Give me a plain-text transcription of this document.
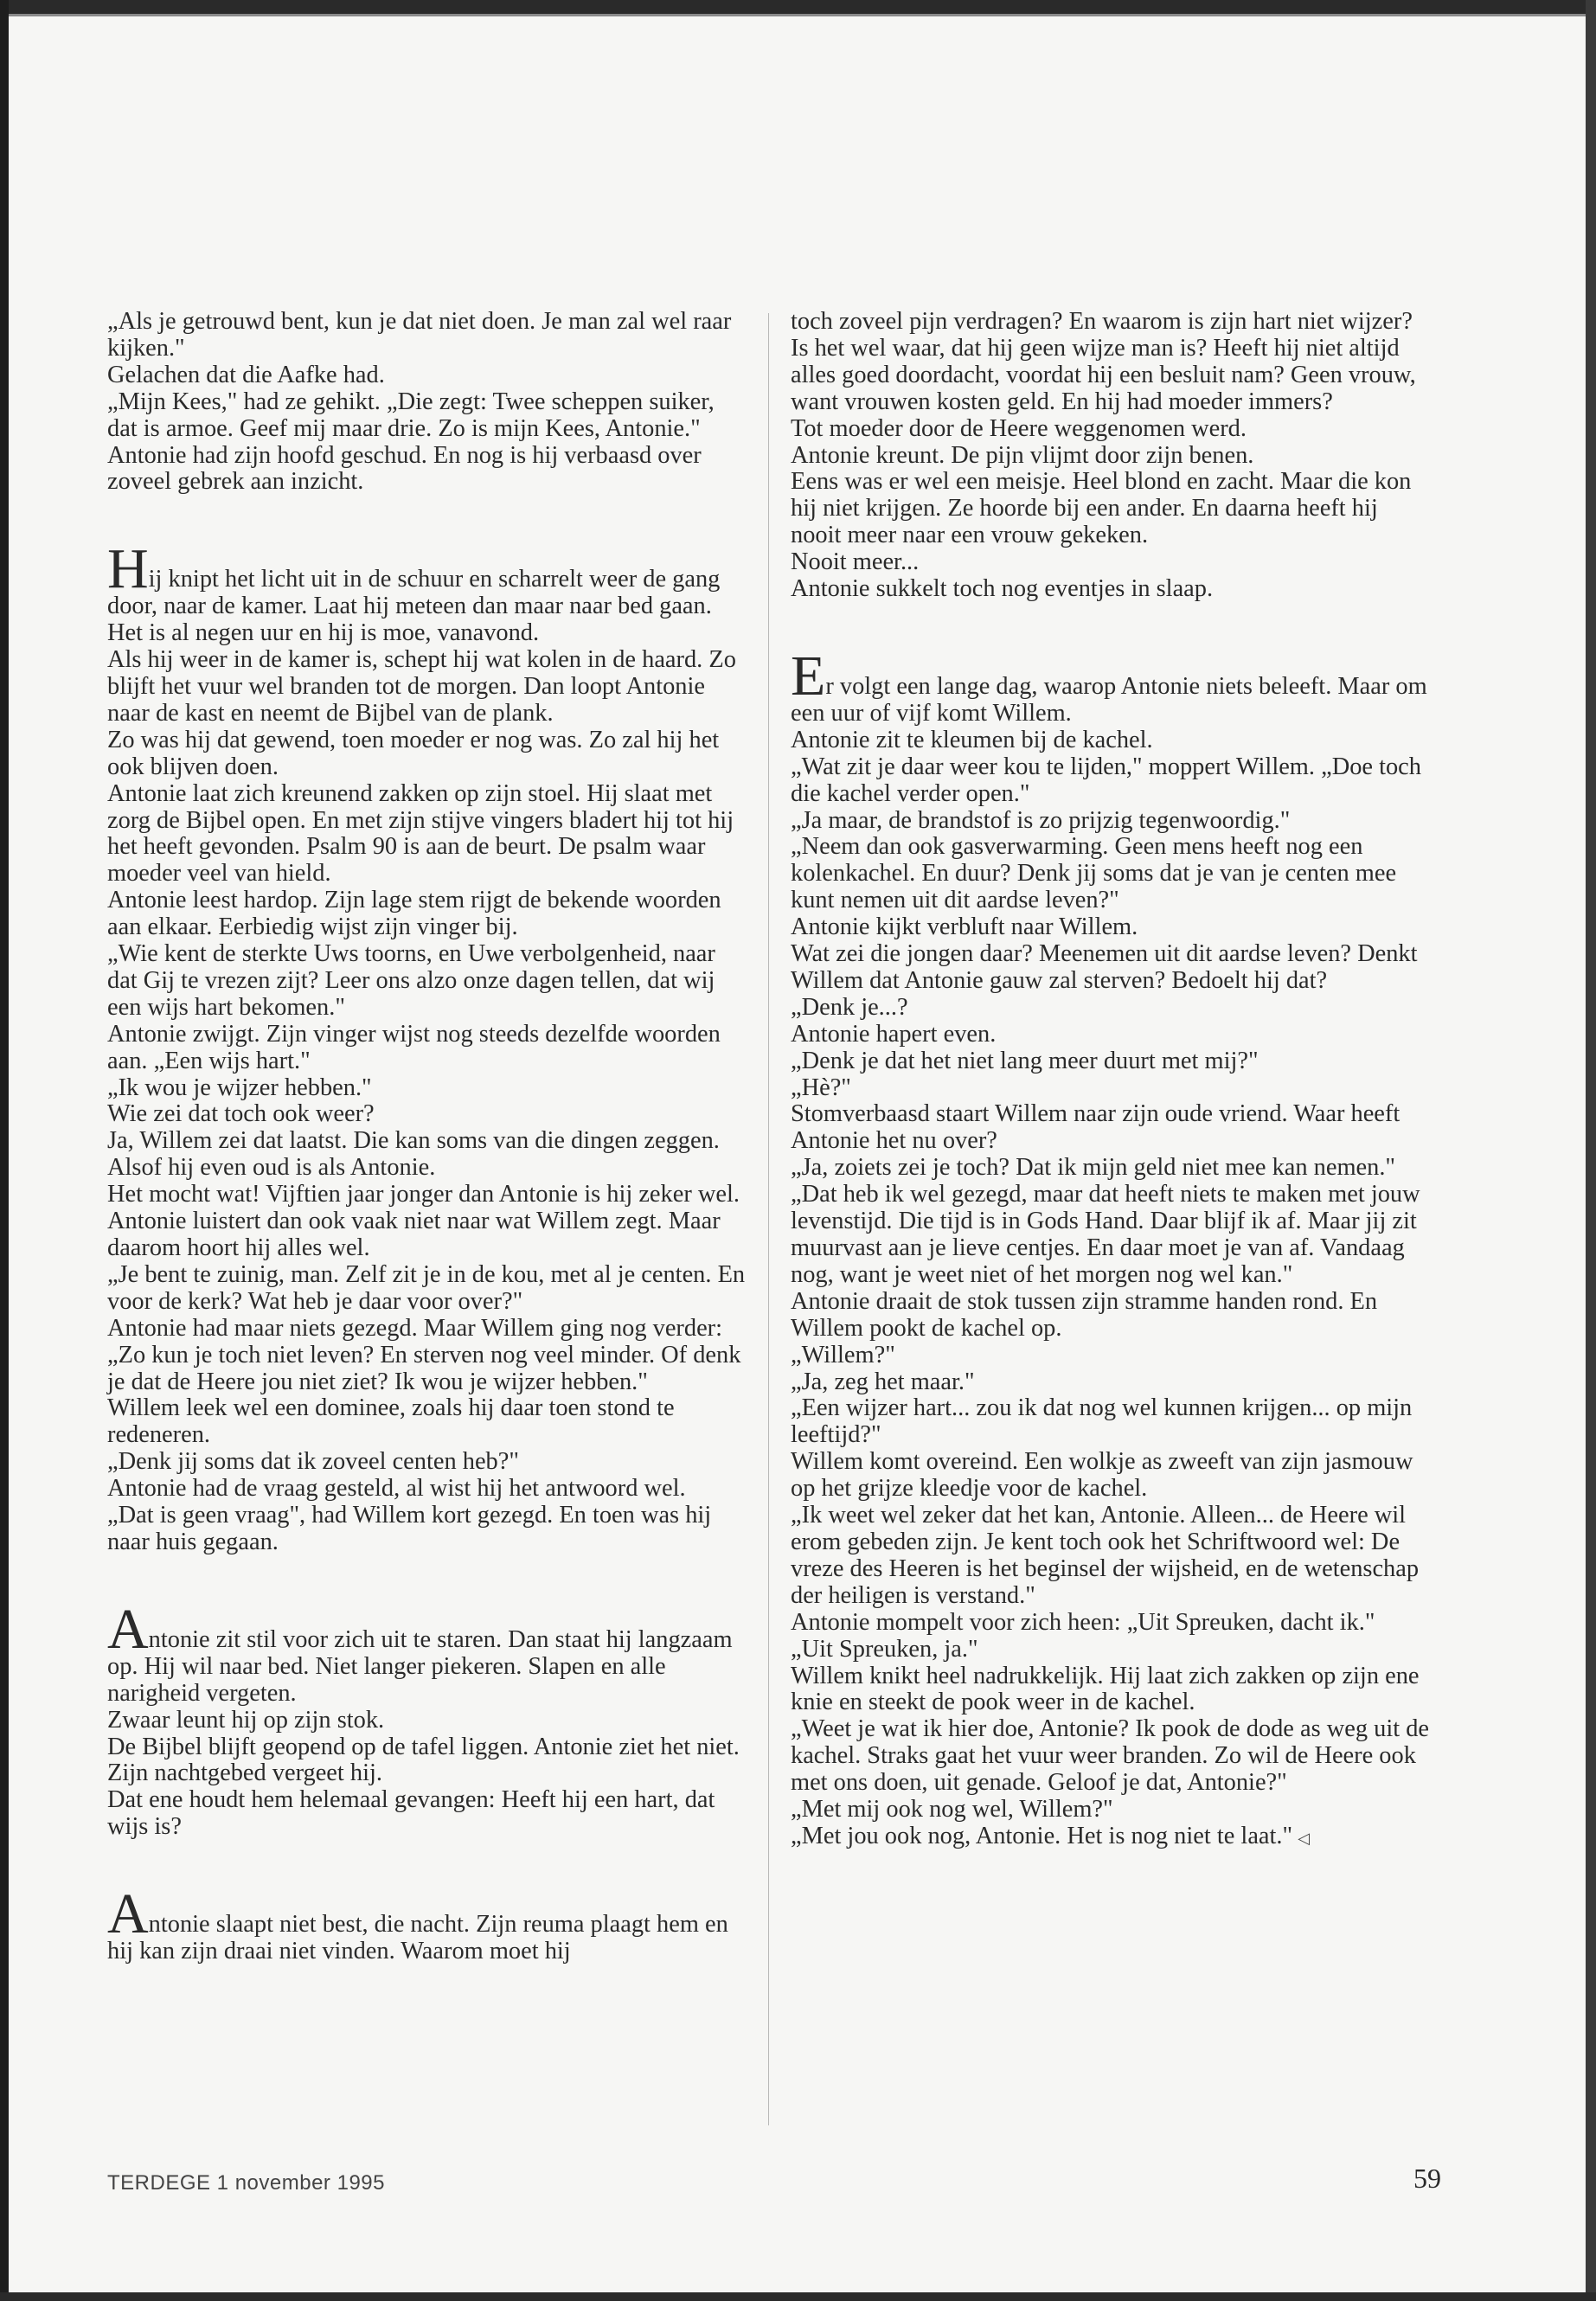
„Als je getrouwd bent, kun je dat niet doen. Je man zal wel raar kijken."

Gelachen dat die Aafke had.

„Mijn Kees," had ze gehikt. „Die zegt: Twee scheppen suiker, dat is armoe. Geef mij maar drie. Zo is mijn Kees, Antonie."

Antonie had zijn hoofd geschud. En nog is hij verbaasd over zoveel gebrek aan inzicht.

Hij knipt het licht uit in de schuur en scharrelt weer de gang door, naar de kamer. Laat hij meteen dan maar naar bed gaan. Het is al negen uur en hij is moe, vanavond.

Als hij weer in de kamer is, schept hij wat kolen in de haard. Zo blijft het vuur wel branden tot de morgen. Dan loopt Antonie naar de kast en neemt de Bijbel van de plank.

Zo was hij dat gewend, toen moeder er nog was. Zo zal hij het ook blijven doen.

Antonie laat zich kreunend zakken op zijn stoel. Hij slaat met zorg de Bijbel open. En met zijn stijve vingers bladert hij tot hij het heeft gevonden. Psalm 90 is aan de beurt. De psalm waar moeder veel van hield.

Antonie leest hardop. Zijn lage stem rijgt de bekende woorden aan elkaar. Eerbiedig wijst zijn vinger bij.

„Wie kent de sterkte Uws toorns, en Uwe verbolgenheid, naar dat Gij te vrezen zijt? Leer ons alzo onze dagen tellen, dat wij een wijs hart bekomen."

Antonie zwijgt. Zijn vinger wijst nog steeds dezelfde woorden aan. „Een wijs hart."

„Ik wou je wijzer hebben."

Wie zei dat toch ook weer?

Ja, Willem zei dat laatst. Die kan soms van die dingen zeggen. Alsof hij even oud is als Antonie.

Het mocht wat! Vijftien jaar jonger dan Antonie is hij zeker wel. Antonie luistert dan ook vaak niet naar wat Willem zegt. Maar daarom hoort hij alles wel.

„Je bent te zuinig, man. Zelf zit je in de kou, met al je centen. En voor de kerk? Wat heb je daar voor over?"

Antonie had maar niets gezegd. Maar Willem ging nog verder: „Zo kun je toch niet leven? En sterven nog veel minder. Of denk je dat de Heere jou niet ziet? Ik wou je wijzer hebben."

Willem leek wel een dominee, zoals hij daar toen stond te redeneren.

„Denk jij soms dat ik zoveel centen heb?"

Antonie had de vraag gesteld, al wist hij het antwoord wel.

„Dat is geen vraag", had Willem kort gezegd. En toen was hij naar huis gegaan.

Antonie zit stil voor zich uit te staren. Dan staat hij langzaam op. Hij wil naar bed. Niet langer piekeren. Slapen en alle narigheid vergeten.

Zwaar leunt hij op zijn stok.

De Bijbel blijft geopend op de tafel liggen. Antonie ziet het niet. Zijn nachtgebed vergeet hij.

Dat ene houdt hem helemaal gevangen: Heeft hij een hart, dat wijs is?

Antonie slaapt niet best, die nacht. Zijn reuma plaagt hem en hij kan zijn draai niet vinden. Waarom moet hij

toch zoveel pijn verdragen? En waarom is zijn hart niet wijzer?

Is het wel waar, dat hij geen wijze man is? Heeft hij niet altijd alles goed doordacht, voordat hij een besluit nam? Geen vrouw, want vrouwen kosten geld. En hij had moeder immers?

Tot moeder door de Heere weggenomen werd.

Antonie kreunt. De pijn vlijmt door zijn benen.

Eens was er wel een meisje. Heel blond en zacht. Maar die kon hij niet krijgen. Ze hoorde bij een ander. En daarna heeft hij nooit meer naar een vrouw gekeken.

Nooit meer...

Antonie sukkelt toch nog eventjes in slaap.

Er volgt een lange dag, waarop Antonie niets beleeft. Maar om een uur of vijf komt Willem.

Antonie zit te kleumen bij de kachel.

„Wat zit je daar weer kou te lijden," moppert Willem. „Doe toch die kachel verder open."

„Ja maar, de brandstof is zo prijzig tegenwoordig."

„Neem dan ook gasverwarming. Geen mens heeft nog een kolenkachel. En duur? Denk jij soms dat je van je centen mee kunt nemen uit dit aardse leven?"

Antonie kijkt verbluft naar Willem.

Wat zei die jongen daar? Meenemen uit dit aardse leven? Denkt Willem dat Antonie gauw zal sterven? Bedoelt hij dat?

„Denk je...?

Antonie hapert even.

„Denk je dat het niet lang meer duurt met mij?"

„Hè?"

Stomverbaasd staart Willem naar zijn oude vriend. Waar heeft Antonie het nu over?

„Ja, zoiets zei je toch? Dat ik mijn geld niet mee kan nemen."

„Dat heb ik wel gezegd, maar dat heeft niets te maken met jouw levenstijd. Die tijd is in Gods Hand. Daar blijf ik af. Maar jij zit muurvast aan je lieve centjes. En daar moet je van af. Vandaag nog, want je weet niet of het morgen nog wel kan."

Antonie draait de stok tussen zijn stramme handen rond. En Willem pookt de kachel op.

„Willem?"

„Ja, zeg het maar."

„Een wijzer hart... zou ik dat nog wel kunnen krijgen... op mijn leeftijd?"

Willem komt overeind. Een wolkje as zweeft van zijn jasmouw op het grijze kleedje voor de kachel.

„Ik weet wel zeker dat het kan, Antonie. Alleen... de Heere wil erom gebeden zijn. Je kent toch ook het Schriftwoord wel: De vreze des Heeren is het beginsel der wijsheid, en de wetenschap der heiligen is verstand."

Antonie mompelt voor zich heen: „Uit Spreuken, dacht ik."

„Uit Spreuken, ja."

Willem knikt heel nadrukkelijk. Hij laat zich zakken op zijn ene knie en steekt de pook weer in de kachel.

„Weet je wat ik hier doe, Antonie? Ik pook de dode as weg uit de kachel. Straks gaat het vuur weer branden. Zo wil de Heere ook met ons doen, uit genade. Geloof je dat, Antonie?"

„Met mij ook nog wel, Willem?"

„Met jou ook nog, Antonie. Het is nog niet te laat." ◁

TERDEGE 1 november 1995	59
